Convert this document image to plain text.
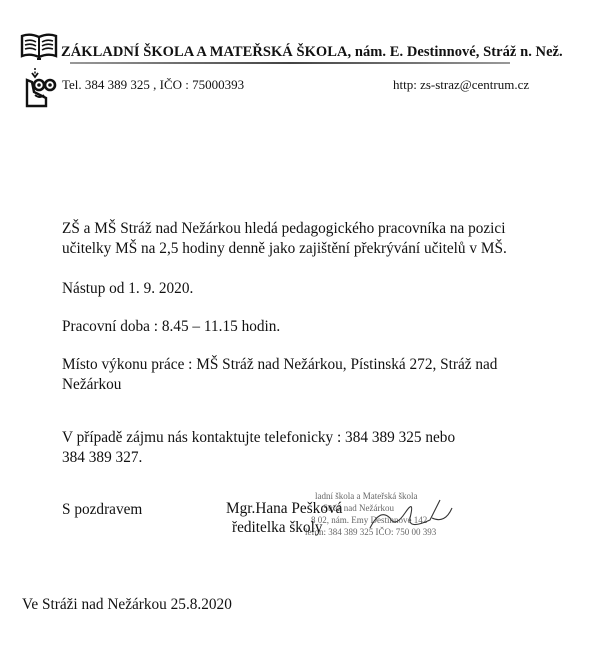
ZÁKLADNÍ ŠKOLA A MATEŘSKÁ ŠKOLA, nám. E. Destinnové, Stráž n. Než.
Tel. 384 389 325 , IČO : 75000393	http: zs-straz@centrum.cz
ZŠ a MŠ Stráž nad Nežárkou hledá pedagogického pracovníka na pozici
učitelky MŠ na 2,5 hodiny denně jako zajištění překrývání učitelů v MŠ.
Nástup od 1. 9. 2020.
Pracovní doba : 8.45 – 11.15 hodin.
Místo výkonu práce : MŠ Stráž nad Nežárkou, Pístinská 272, Stráž nad
Nežárkou
V případě zájmu nás kontaktujte telefonicky : 384 389 325 nebo
384 389 327.
S pozdravem
ladní škola a Mateřská škola
Stráž nad Nežárkou
8 02, nám. Emy Destinnové 142
lefon: 384 389 325 IČO: 750 00 393
Mgr.Hana Pešková
ředitelka školy
Ve Stráži nad Nežárkou 25.8.2020
